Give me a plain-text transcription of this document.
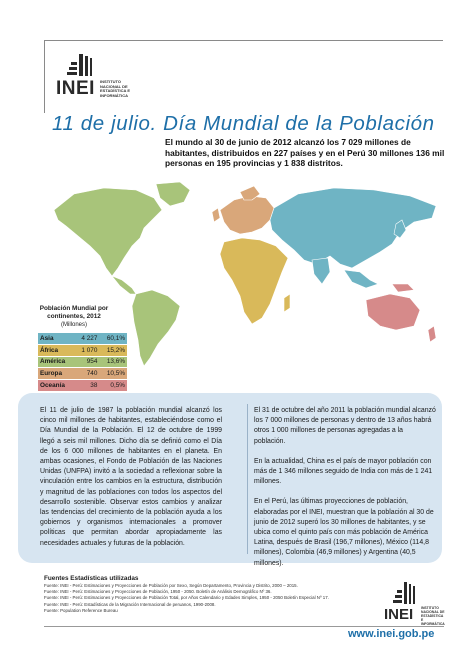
INEI INSTITUTO
NACIONAL DE
ESTADÍSTICA E
INFORMÁTICA
11 de julio. Día Mundial de la Población
El mundo al 30 de junio de 2012 alcanzó los 7 029 millones de habitantes, distribuidos en 227 países y en el Perú 30 millones 136 mil personas en 195 provincias y 1 838 distritos.
Población Mundial por continentes, 2012
(Millones)
Asia	4 227	60,1%
África	1 070	15,2%
América	954	13,6%
Europa	740	10,5%
Oceanía	38	0,5%

El 11 de julio de 1987 la población mundial alcanzó los cinco mil millones de habitantes, estableciéndose como el Día Mundial de la Población. El 12 de octubre de 1999 llegó a seis mil millones. Dicho día se definió como el Día de los 6 000 millones de habitantes en el planeta. En ambas ocasiones, el Fondo de Población de las Naciones Unidas (UNFPA) invitó a la sociedad a reflexionar sobre la vinculación entre los cambios en la estructura, distribución y magnitud de las poblaciones con todos los aspectos del desarrollo sostenible. Observar estos cambios y analizar las tendencias del crecimiento de la población ayuda a los gobiernos y organismos internacionales a promover políticas que permitan abordar apropiadamente las necesidades actuales y futuras de la población.

El 31 de octubre del año 2011 la población mundial alcanzó los 7 000 millones de personas y dentro de 13 años habrá otros 1 000 millones de personas agregadas a la población.

En la actualidad, China es el país de mayor población con más de 1 346 millones seguido de India con más de 1 241 millones.

En el Perú, las últimas proyecciones de población, elaboradas por el INEI, muestran que la población al 30 de junio de 2012 superó los 30 millones de habitantes, y se ubica como el quinto país con más población de América Latina, después de Brasil (196,7 millones), México (114,8 millones), Colombia (46,9 millones) y Argentina (40,5 millones).

Fuentes Estadísticas utilizadas
Fuente: INEI - Perú: Estimaciones y Proyecciones de Población por Sexo, Según Departamento, Provincia y Distrito, 2000 – 2015.
Fuente: INEI - Perú: Estimaciones y Proyecciones de Población, 1950 - 2050. Boletín de Análisis Demográfico Nº 36.
Fuente: INEI - Perú: Estimaciones y Proyecciones de Población Total, por Años Calendario y Edades Simples, 1950 - 2050 Boletín Especial Nº 17.
Fuente: INEI - Perú: Estadísticas de la Migración Internacional de peruanos, 1990-2008.
Fuente: Population Reference Bureau	INEI INSTITUTO
NACIONAL DE
ESTADÍSTICA E
INFORMÁTICA
www.inei.gob.pe
